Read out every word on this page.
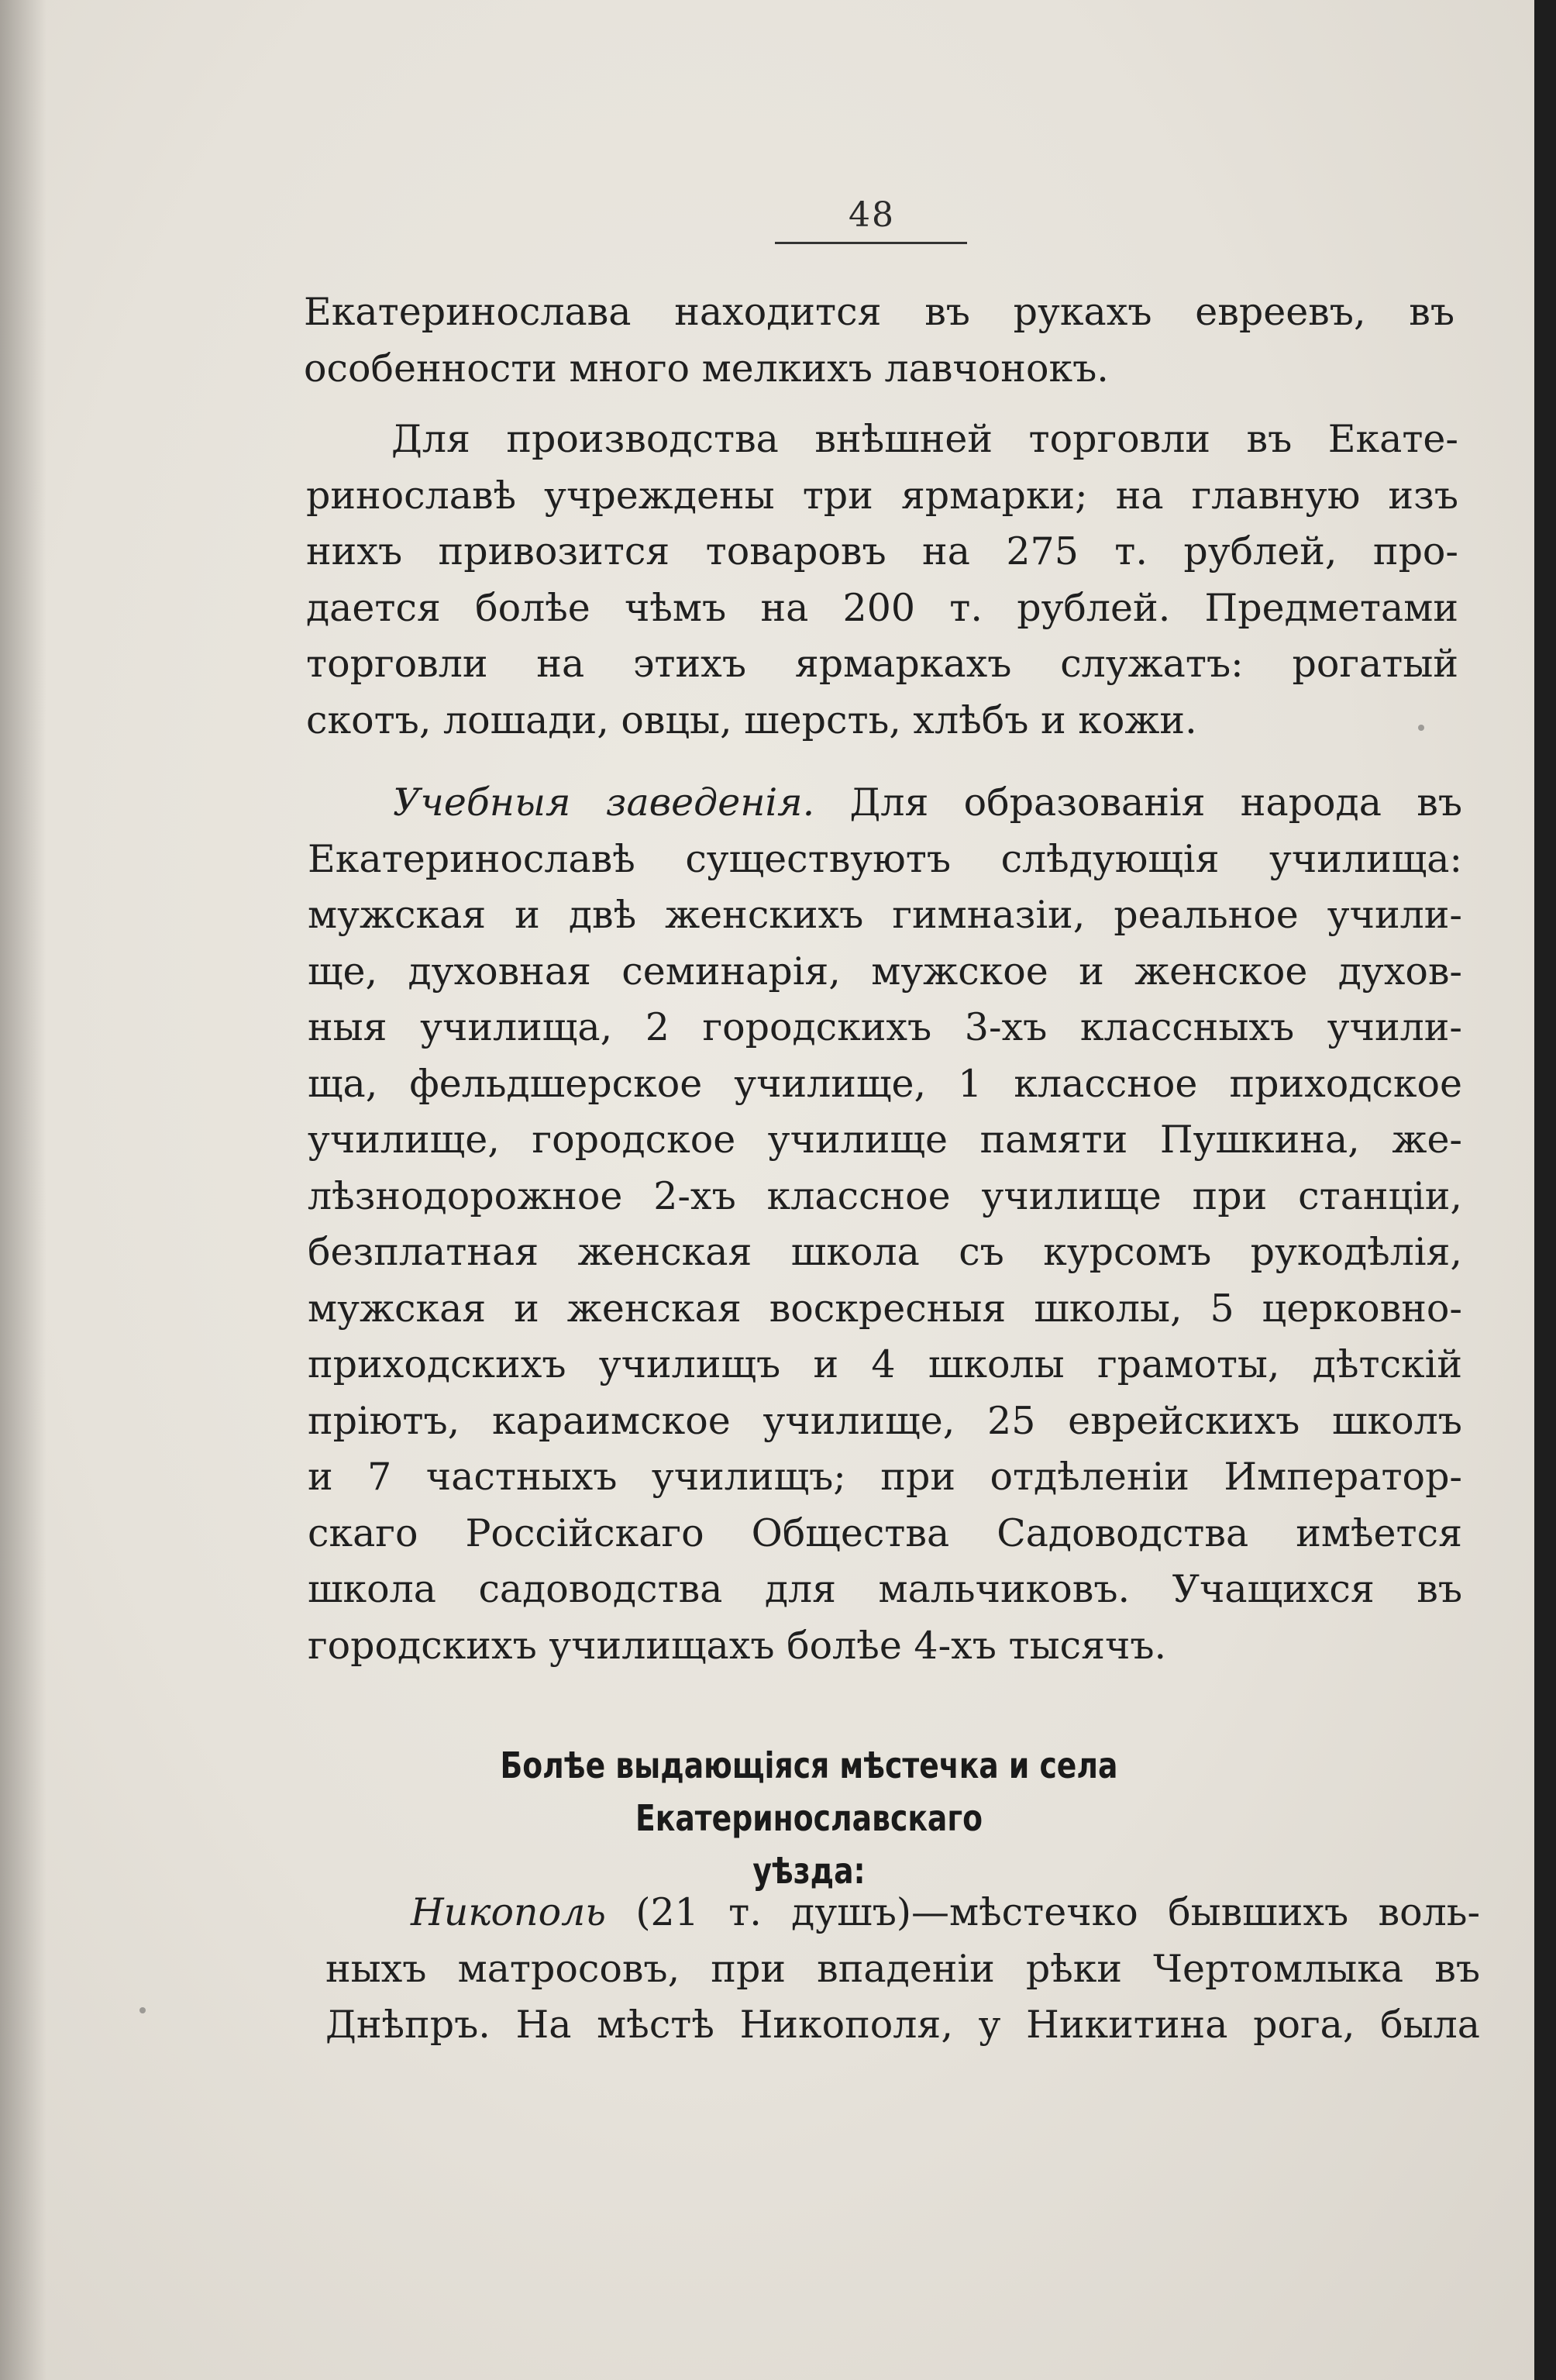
48
Екатеринослава находится въ рукахъ евреевъ, въ
особенности много мелкихъ лавчонокъ.
Для производства внѣшней торговли въ Екате-
ринославѣ учреждены три ярмарки; на главную изъ
нихъ привозится товаровъ на 275 т. рублей, про-
дается болѣе чѣмъ на 200 т. рублей. Предметами
торговли на этихъ ярмаркахъ служатъ: рогатый
скотъ, лошади, овцы, шерсть, хлѣбъ и кожи.
Учебныя заведенія. Для образованія народа въ
Екатеринославѣ существуютъ слѣдующія училища:
мужская и двѣ женскихъ гимназіи, реальное учили-
ще, духовная семинарія, мужское и женское духов-
ныя училища, 2 городскихъ 3-хъ классныхъ учили-
ща, фельдшерское училище, 1 классное приходское
училище, городское училище памяти Пушкина, же-
лѣзнодорожное 2-хъ классное училище при станціи,
безплатная женская школа съ курсомъ рукодѣлія,
мужская и женская воскресныя школы, 5 церковно-
приходскихъ училищъ и 4 школы грамоты, дѣтскій
пріютъ, караимское училище, 25 еврейскихъ школъ
и 7 частныхъ училищъ; при отдѣленіи Император-
скаго Россійскаго Общества Садоводства имѣется
школа садоводства для мальчиковъ. Учащихся въ
городскихъ училищахъ болѣе 4-хъ тысячъ.
Болѣе выдающіяся мѣстечка и села Екатеринославскаго
уѣзда:
Никополь (21 т. душъ)—мѣстечко бывшихъ воль-
ныхъ матросовъ, при впаденіи рѣки Чертомлыка въ
Днѣпръ. На мѣстѣ Никополя, у Никитина рога, была
